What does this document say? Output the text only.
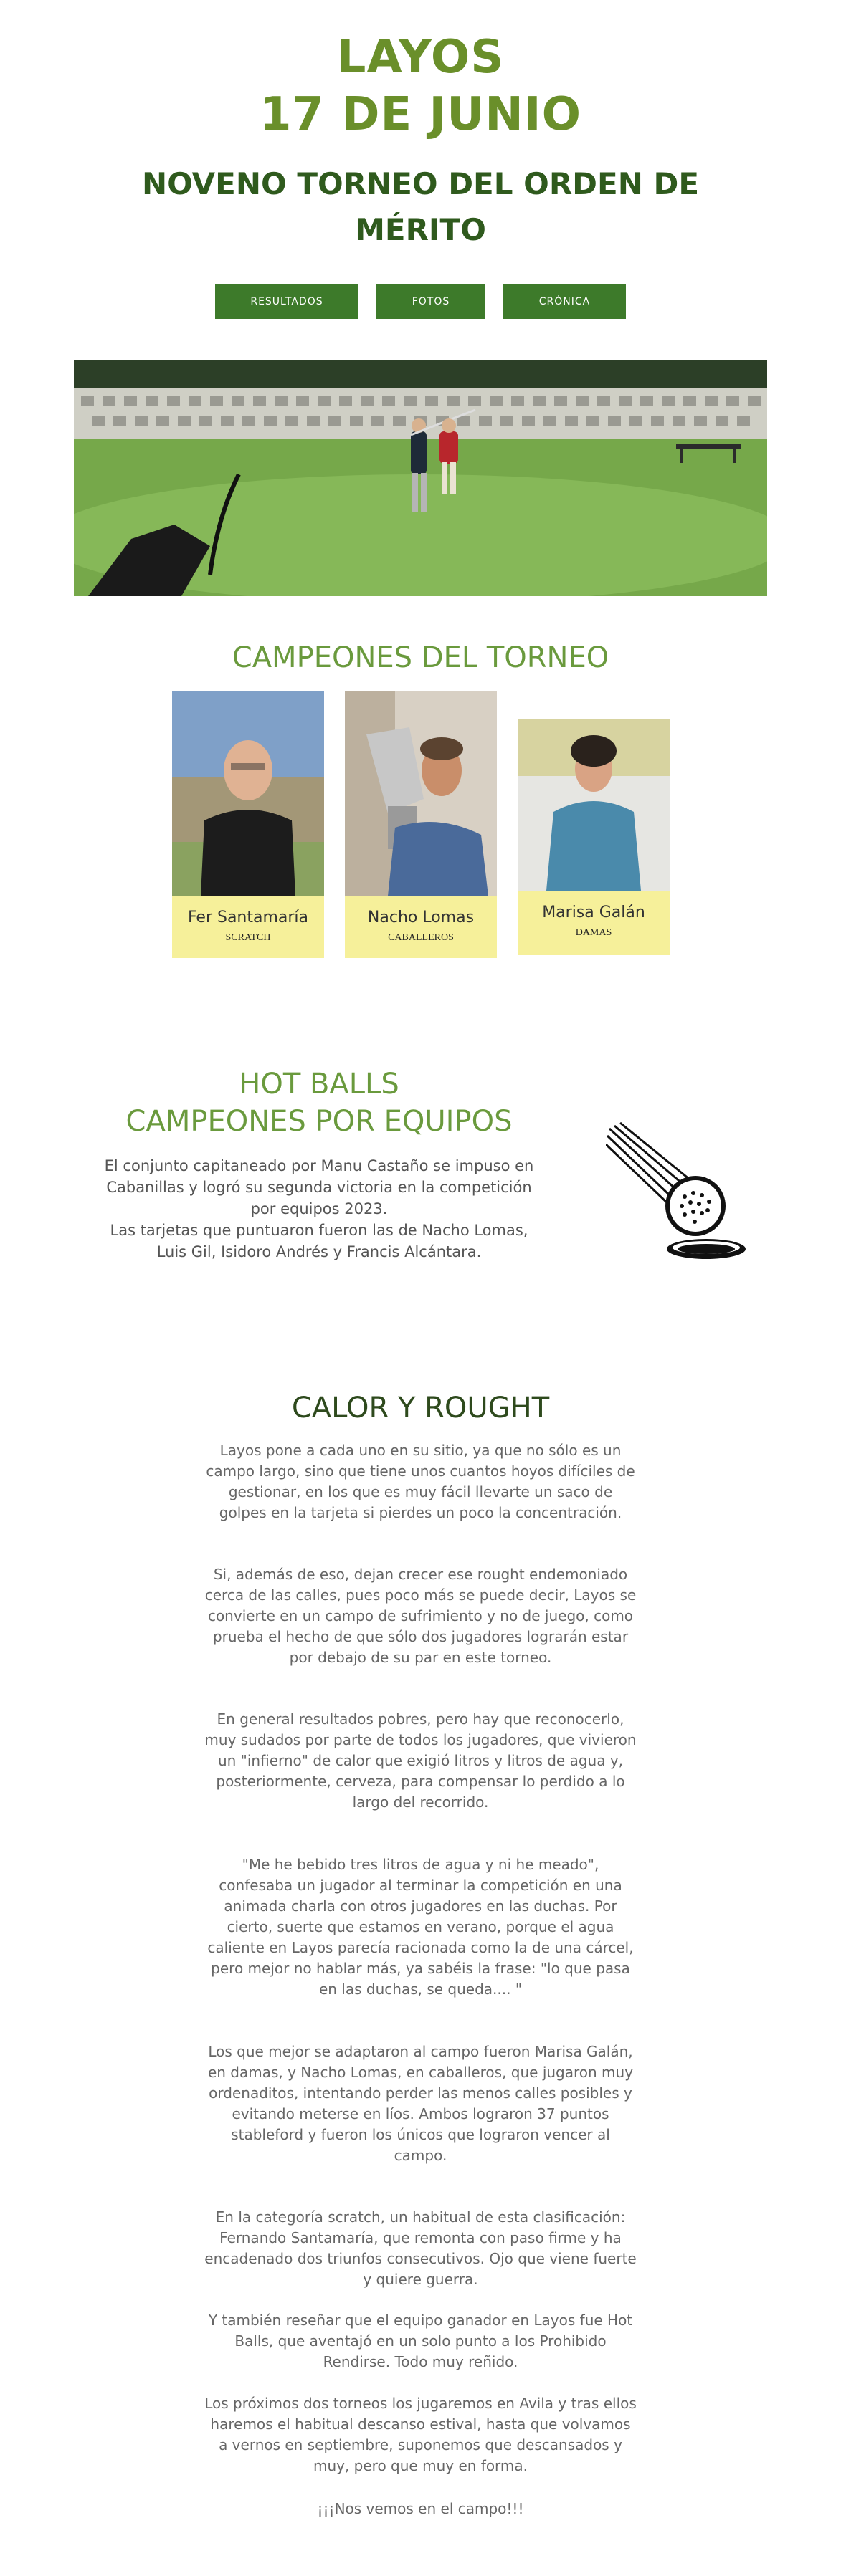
LAYOS
17 DE JUNIO
NOVENO TORNEO DEL ORDEN DE MÉRITO
RESULTADOS	FOTOS	CRÓNICA
CAMPEONES DEL TORNEO
Fer Santamaría
SCRATCH
Nacho Lomas
CABALLEROS
Marisa Galán
DAMAS
HOT BALLS
CAMPEONES POR EQUIPOS
El conjunto capitaneado por Manu Castaño se impuso en
Cabanillas y logró su segunda victoria en la competición
por equipos 2023.
Las tarjetas que puntuaron fueron las de Nacho Lomas,
Luis Gil, Isidoro Andrés y Francis Alcántara.
CALOR Y ROUGHT
Layos pone a cada uno en su sitio, ya que no sólo es un campo largo, sino que tiene unos cuantos hoyos difíciles de gestionar, en los que es muy fácil llevarte un saco de golpes en la tarjeta si pierdes un poco la concentración.
Si, además de eso, dejan crecer ese rought endemoniado cerca de las calles, pues poco más se puede decir, Layos se convierte en un campo de sufrimiento y no de juego, como prueba el hecho de que sólo dos jugadores lograrán estar por debajo de su par en este torneo.
En general resultados pobres, pero hay que reconocerlo, muy sudados por parte de todos los jugadores, que vivieron un "infierno" de calor que exigió litros y litros de agua y, posteriormente, cerveza, para compensar lo perdido a lo largo del recorrido.
"Me he bebido tres litros de agua y ni he meado", confesaba un jugador al terminar la competición en una animada charla con otros jugadores en las duchas. Por cierto, suerte que estamos en verano, porque el agua caliente en Layos parecía racionada como la de una cárcel, pero mejor no hablar más, ya sabéis la frase: "lo que pasa en las duchas, se queda.... "
Los que mejor se adaptaron al campo fueron Marisa Galán, en damas, y Nacho Lomas, en caballeros, que jugaron muy ordenaditos, intentando perder las menos calles posibles y evitando meterse en líos. Ambos lograron 37 puntos stableford y fueron los únicos que lograron vencer al campo.
En la categoría scratch, un habitual de esta clasificación: Fernando Santamaría, que remonta con paso firme y ha encadenado dos triunfos consecutivos. Ojo que viene fuerte y quiere guerra.
Y también reseñar que el equipo ganador en Layos fue Hot Balls, que aventajó en un solo punto a los Prohibido Rendirse. Todo muy reñido.
Los próximos dos torneos los jugaremos en Avila y tras ellos haremos el habitual descanso estival, hasta que volvamos a vernos en septiembre, suponemos que descansados y muy, pero que muy en forma.
¡¡¡Nos vemos en el campo!!!
